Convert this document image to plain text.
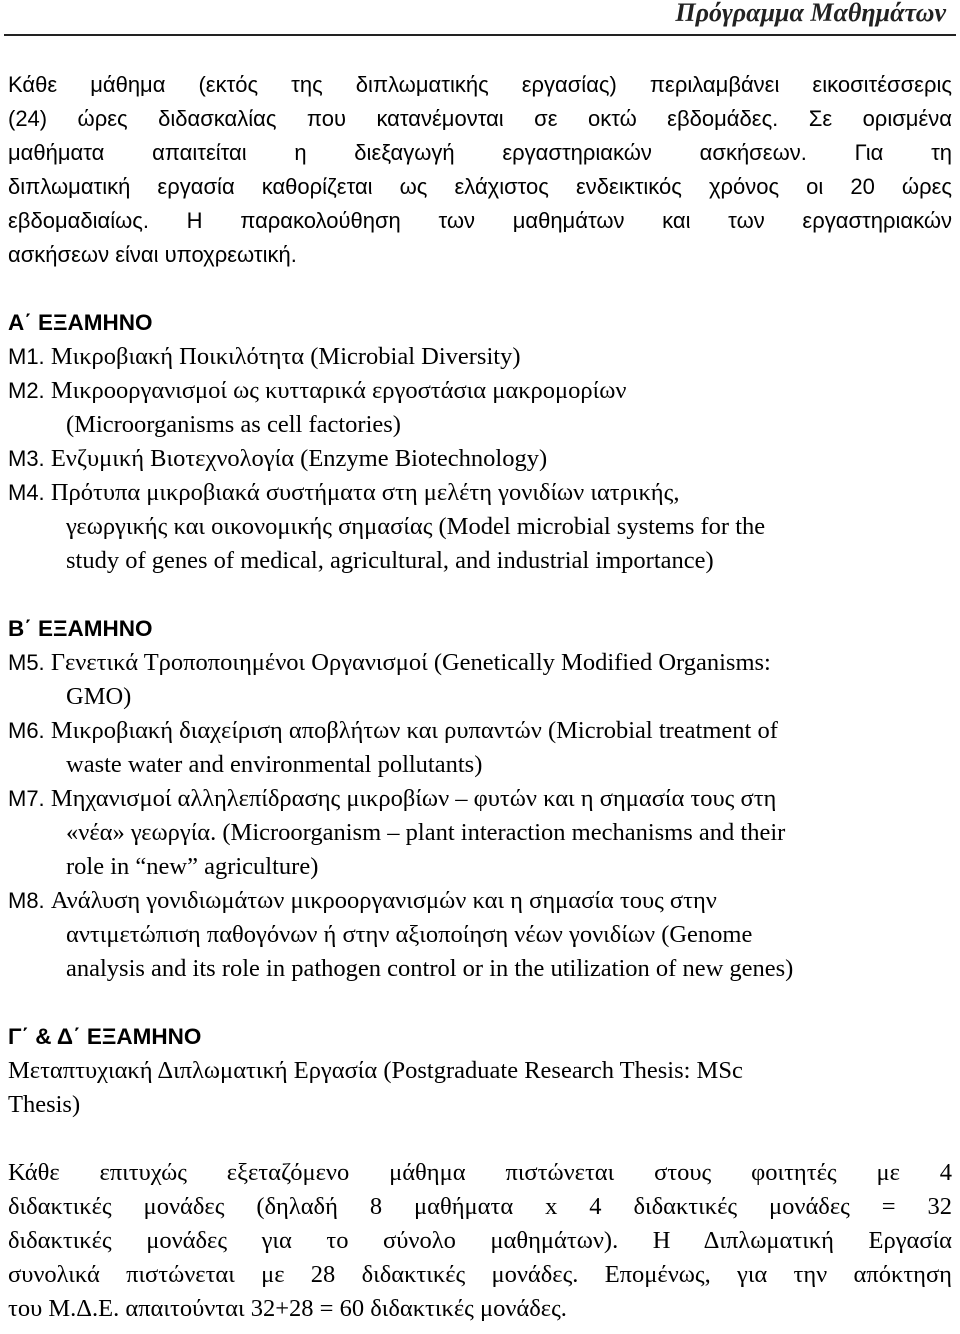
Πρόγραμμα Μαθημάτων
Κάθε μάθημα (εκτός της διπλωματικής εργασίας) περιλαμβάνει εικοσιτέσσερις
(24) ώρες διδασκαλίας που κατανέμονται σε οκτώ εβδομάδες. Σε ορισμένα
μαθήματα απαιτείται η διεξαγωγή εργαστηριακών ασκήσεων. Για τη
διπλωματική εργασία καθορίζεται ως ελάχιστος ενδεικτικός χρόνος οι 20 ώρες
εβδομαδιαίως. Η παρακολούθηση των μαθημάτων και των εργαστηριακών
ασκήσεων είναι υποχρεωτική.
Α΄ ΕΞΑΜΗΝΟ
M1. Μικροβιακή Ποικιλότητα (Microbial Diversity)
M2. Μικροοργανισμοί ως κυτταρικά εργοστάσια μακρομορίων
(Microorganisms as cell factories)
M3. Ενζυμική Βιοτεχνολογία (Enzyme Biotechnology)
M4. Πρότυπα μικροβιακά συστήματα στη μελέτη γονιδίων ιατρικής,
γεωργικής και οικονομικής σημασίας (Model microbial systems for the
study of genes of medical, agricultural, and industrial importance)
Β΄ ΕΞΑΜΗΝΟ
M5. Γενετικά Τροποποιημένοι Οργανισμοί (Genetically Modified Organisms:
GMO)
M6. Μικροβιακή διαχείριση αποβλήτων και ρυπαντών (Microbial treatment of
waste water and environmental pollutants)
M7. Μηχανισμοί αλληλεπίδρασης μικροβίων – φυτών και η σημασία τους στη
«νέα» γεωργία. (Microorganism – plant interaction mechanisms and their
role in “new” agriculture)
M8. Ανάλυση γονιδιωμάτων μικροοργανισμών και η σημασία τους στην
αντιμετώπιση παθογόνων ή στην αξιοποίηση νέων γονιδίων (Genome
analysis and its role in pathogen control or in the utilization of new genes)
Γ΄ & Δ΄ ΕΞΑΜΗΝΟ
Μεταπτυχιακή Διπλωματική Εργασία (Postgraduate Research Thesis: MSc
Thesis)
Κάθε επιτυχώς εξεταζόμενο μάθημα πιστώνεται στους φοιτητές με 4
διδακτικές μονάδες (δηλαδή 8 μαθήματα x 4 διδακτικές μονάδες = 32
διδακτικές μονάδες για το σύνολο μαθημάτων). Η Διπλωματική Εργασία
συνολικά πιστώνεται με 28 διδακτικές μονάδες. Επομένως, για την απόκτηση
του Μ.Δ.Ε. απαιτούνται 32+28 = 60 διδακτικές μονάδες.
